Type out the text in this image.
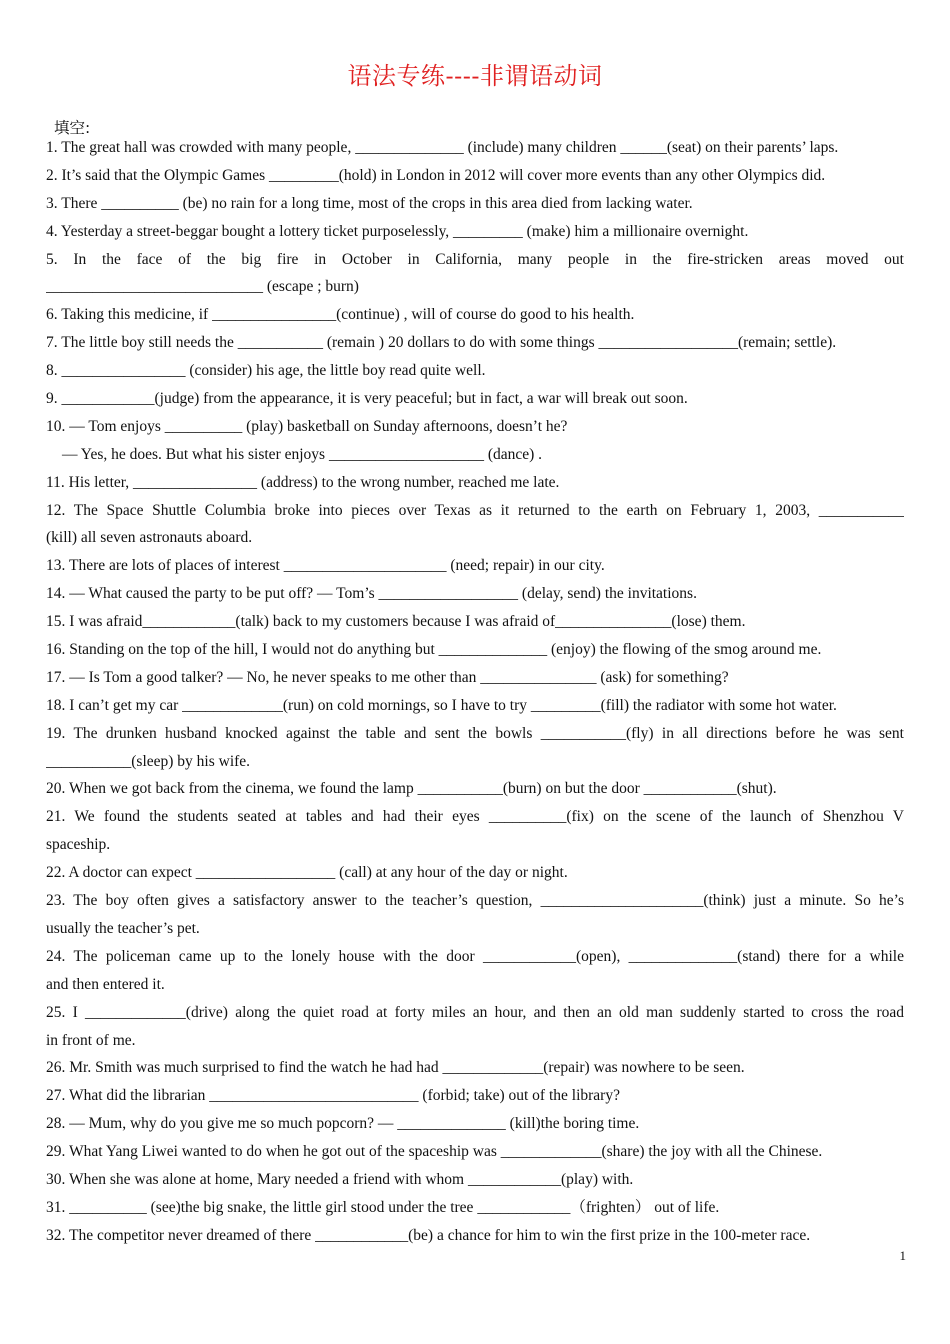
语法专练----非谓语动词
填空:
1. The great hall was crowded with many people, ______________ (include) many children ______(seat) on their parents’ laps.
2. It’s said that the Olympic Games _________(hold) in London in 2012 will cover more events than any other Olympics did.
3. There __________ (be) no rain for a long time, most of the crops in this area died from lacking water.
4. Yesterday a street-beggar bought a lottery ticket purposelessly, _________ (make) him a millionaire overnight.
5. In the face of the big fire in October in California, many people in the fire-stricken areas moved out
____________________________ (escape ; burn)
6. Taking this medicine, if ________________(continue) , will of course do good to his health.
7. The little boy still needs the ___________ (remain ) 20 dollars to do with some things __________________(remain; settle).
8. ________________ (consider) his age, the little boy read quite well.
9. ____________(judge) from the appearance, it is very peaceful; but in fact, a war will break out soon.
10. — Tom enjoys __________ (play) basketball on Sunday afternoons, doesn’t he?
— Yes, he does. But what his sister enjoys ____________________ (dance) .
11. His letter, ________________ (address) to the wrong number, reached me late.
12. The Space Shuttle Columbia broke into pieces over Texas as it returned to the earth on February 1, 2003, ___________
(kill) all seven astronauts aboard.
13. There are lots of places of interest _____________________ (need; repair) in our city.
14. — What caused the party to be put off? — Tom’s __________________ (delay, send) the invitations.
15. I was afraid____________(talk) back to my customers because I was afraid of_______________(lose) them.
16. Standing on the top of the hill, I would not do anything but ______________ (enjoy) the flowing of the smog around me.
17. — Is Tom a good talker? — No, he never speaks to me other than _______________ (ask) for something?
18. I can’t get my car _____________(run) on cold mornings, so I have to try _________(fill) the radiator with some hot water.
19. The drunken husband knocked against the table and sent the bowls ___________(fly) in all directions before he was sent
___________(sleep) by his wife.
20. When we got back from the cinema, we found the lamp ___________(burn) on but the door ____________(shut).
21. We found the students seated at tables and had their eyes __________(fix) on the scene of the launch of Shenzhou V
spaceship.
22. A doctor can expect __________________ (call) at any hour of the day or night.
23. The boy often gives a satisfactory answer to the teacher’s question, _____________________(think) just a minute. So he’s
usually the teacher’s pet.
24. The policeman came up to the lonely house with the door ____________(open), ______________(stand) there for a while
and then entered it.
25. I _____________(drive) along the quiet road at forty miles an hour, and then an old man suddenly started to cross the road
in front of me.
26. Mr. Smith was much surprised to find the watch he had had _____________(repair) was nowhere to be seen.
27. What did the librarian ___________________________ (forbid; take) out of the library?
28. — Mum, why do you give me so much popcorn? — ______________ (kill)the boring time.
29. What Yang Liwei wanted to do when he got out of the spaceship was _____________(share) the joy with all the Chinese.
30. When she was alone at home, Mary needed a friend with whom ____________(play) with.
31. __________ (see)the big snake, the little girl stood under the tree ____________（frighten） out of life.
32. The competitor never dreamed of there ____________(be) a chance for him to win the first prize in the 100-meter race.
1
